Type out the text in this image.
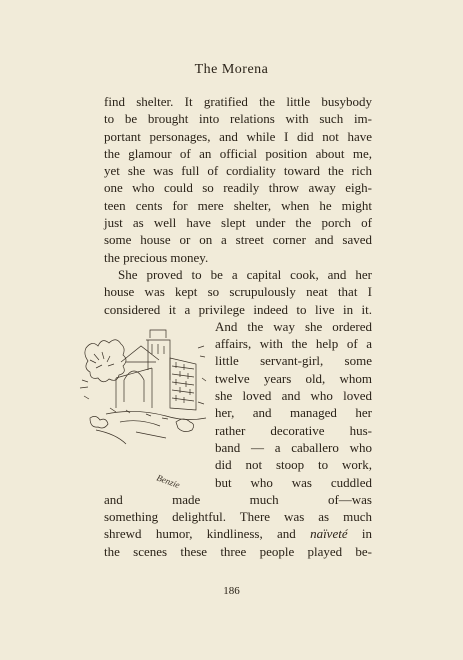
The Morena
find shelter. It gratified the little busybody
to be brought into relations with such im-
portant personages, and while I did not have
the glamour of an official position about me,
yet she was full of cordiality toward the rich
one who could so readily throw away eigh-
teen cents for mere shelter, when he might
just as well have slept under the porch of
some house or on a street corner and saved
the precious money.
She proved to be a capital cook, and her
house was kept so scrupulously neat that I
considered it a privilege indeed to live in it.
Benzie
And the way she ordered
affairs, with the help of a
little servant-girl, some
twelve years old, whom
she loved and who loved
her, and managed her
rather decorative hus-
band — a caballero who
did not stoop to work,
but who was cuddled
and made much of—was
something delightful. There was as much
shrewd humor, kindliness, and naïveté in
the scenes these three people played be-
186
